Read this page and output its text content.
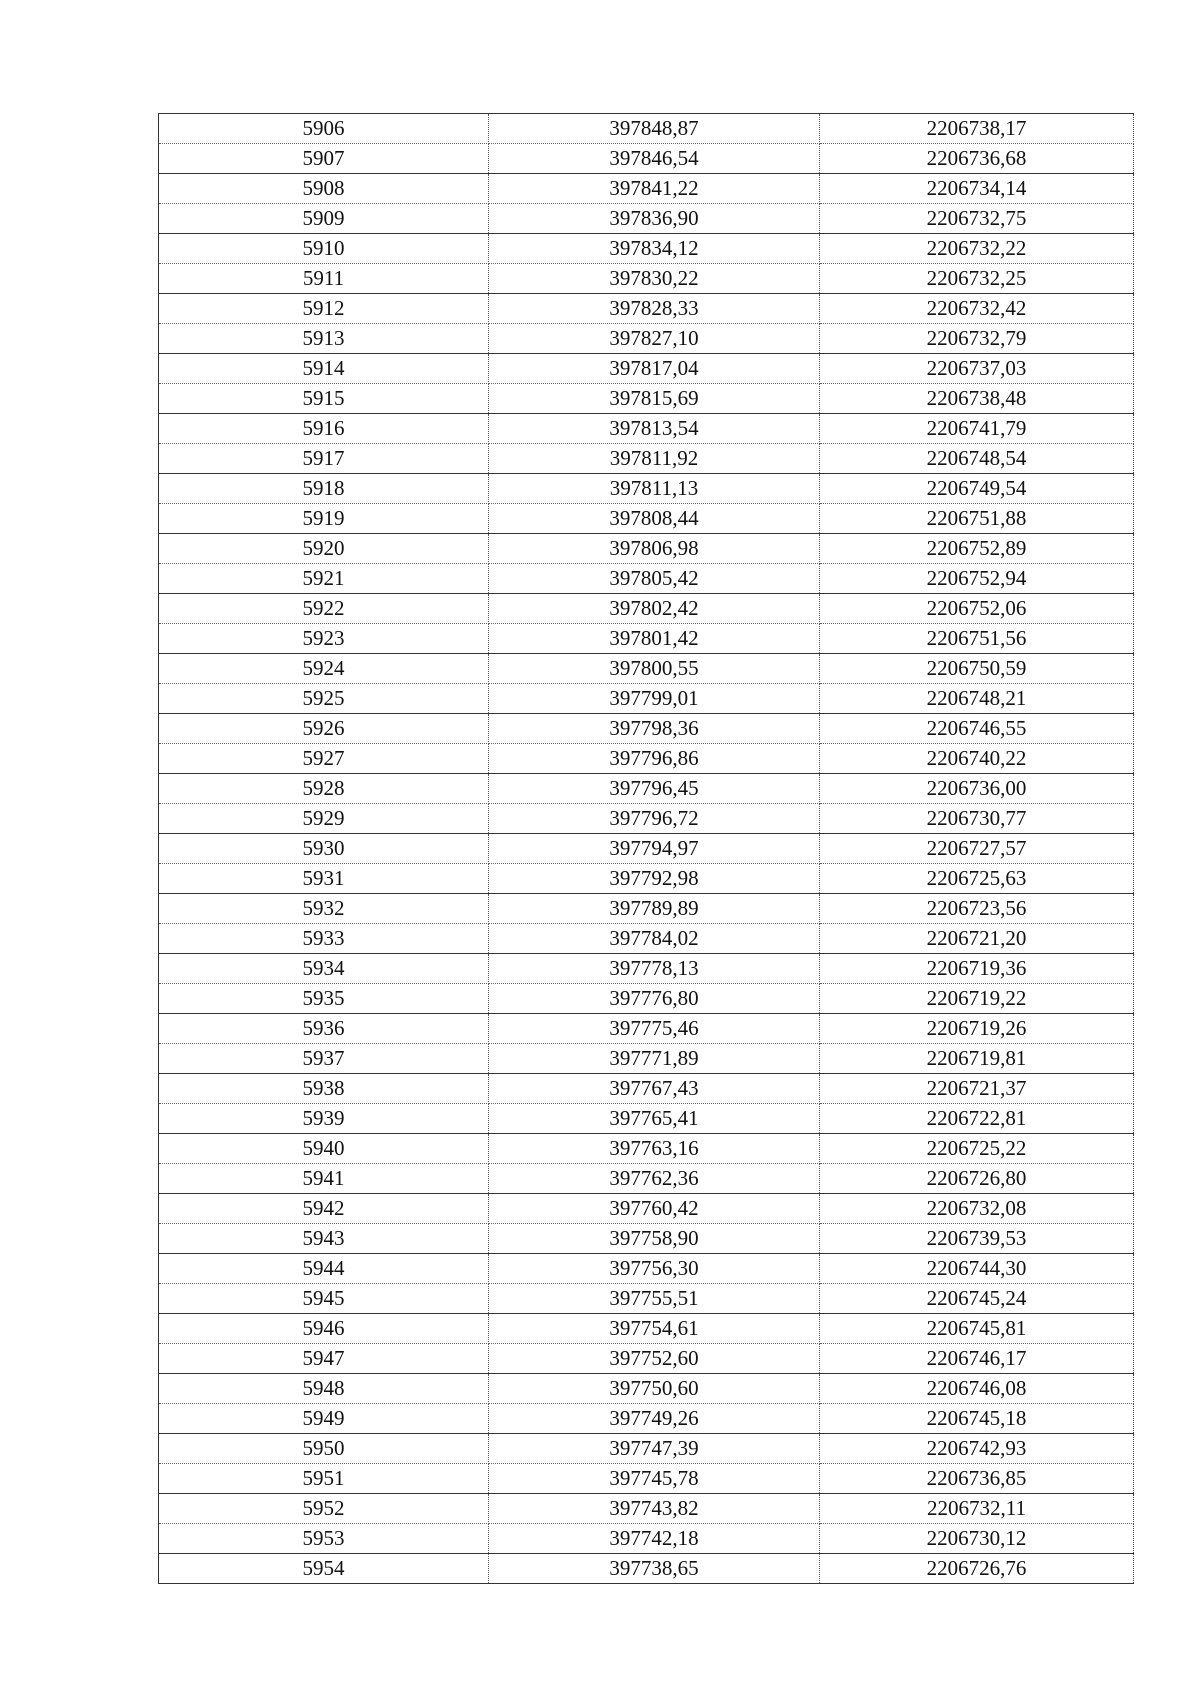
5906	397848,87	2206738,17
5907	397846,54	2206736,68
5908	397841,22	2206734,14
5909	397836,90	2206732,75
5910	397834,12	2206732,22
5911	397830,22	2206732,25
5912	397828,33	2206732,42
5913	397827,10	2206732,79
5914	397817,04	2206737,03
5915	397815,69	2206738,48
5916	397813,54	2206741,79
5917	397811,92	2206748,54
5918	397811,13	2206749,54
5919	397808,44	2206751,88
5920	397806,98	2206752,89
5921	397805,42	2206752,94
5922	397802,42	2206752,06
5923	397801,42	2206751,56
5924	397800,55	2206750,59
5925	397799,01	2206748,21
5926	397798,36	2206746,55
5927	397796,86	2206740,22
5928	397796,45	2206736,00
5929	397796,72	2206730,77
5930	397794,97	2206727,57
5931	397792,98	2206725,63
5932	397789,89	2206723,56
5933	397784,02	2206721,20
5934	397778,13	2206719,36
5935	397776,80	2206719,22
5936	397775,46	2206719,26
5937	397771,89	2206719,81
5938	397767,43	2206721,37
5939	397765,41	2206722,81
5940	397763,16	2206725,22
5941	397762,36	2206726,80
5942	397760,42	2206732,08
5943	397758,90	2206739,53
5944	397756,30	2206744,30
5945	397755,51	2206745,24
5946	397754,61	2206745,81
5947	397752,60	2206746,17
5948	397750,60	2206746,08
5949	397749,26	2206745,18
5950	397747,39	2206742,93
5951	397745,78	2206736,85
5952	397743,82	2206732,11
5953	397742,18	2206730,12
5954	397738,65	2206726,76
